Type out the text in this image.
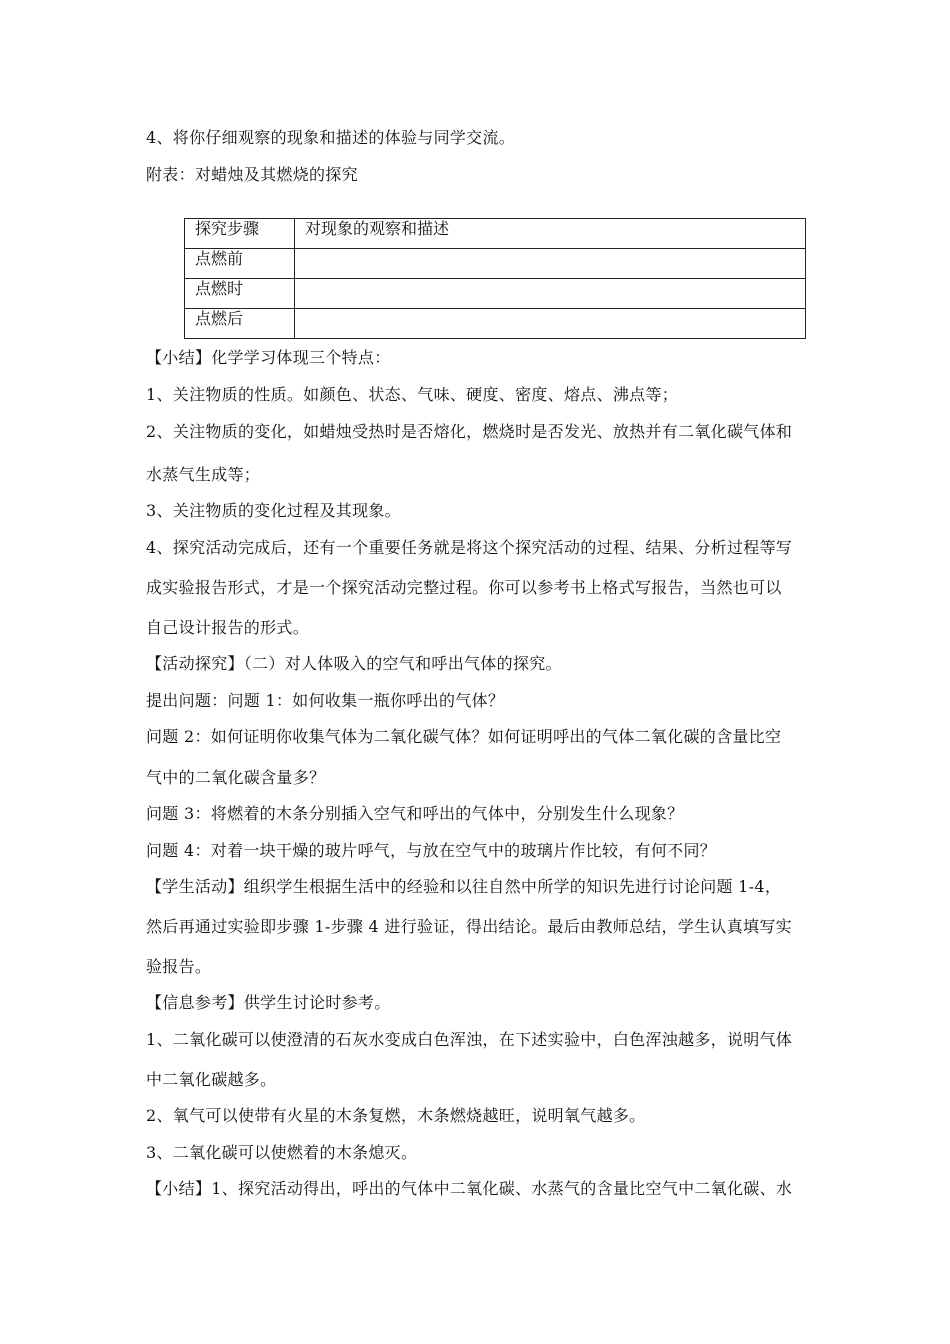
4、将你仔细观察的现象和描述的体验与同学交流。
附表：对蜡烛及其燃烧的探究
探究步骤	对现象的观察和描述
点燃前	
点燃时	
点燃后	
【小结】化学学习体现三个特点：
1、关注物质的性质。如颜色、状态、气味、硬度、密度、熔点、沸点等；
2、关注物质的变化，如蜡烛受热时是否熔化，燃烧时是否发光、放热并有二氧化碳气体和
水蒸气生成等；
3、关注物质的变化过程及其现象。
4、探究活动完成后，还有一个重要任务就是将这个探究活动的过程、结果、分析过程等写
成实验报告形式，才是一个探究活动完整过程。你可以参考书上格式写报告，当然也可以
自己设计报告的形式。
【活动探究】（二）对人体吸入的空气和呼出气体的探究。
提出问题：问题 1：如何收集一瓶你呼出的气体？
问题 2：如何证明你收集气体为二氧化碳气体？如何证明呼出的气体二氧化碳的含量比空
气中的二氧化碳含量多？
问题 3：将燃着的木条分别插入空气和呼出的气体中，分别发生什么现象？
问题 4：对着一块干燥的玻片呼气，与放在空气中的玻璃片作比较，有何不同？
【学生活动】组织学生根据生活中的经验和以往自然中所学的知识先进行讨论问题 1-4，
然后再通过实验即步骤 1-步骤 4 进行验证，得出结论。最后由教师总结，学生认真填写实
验报告。
【信息参考】供学生讨论时参考。
1、二氧化碳可以使澄清的石灰水变成白色浑浊，在下述实验中，白色浑浊越多，说明气体
中二氧化碳越多。
2、氧气可以使带有火星的木条复燃，木条燃烧越旺，说明氧气越多。
3、二氧化碳可以使燃着的木条熄灭。
【小结】1、探究活动得出，呼出的气体中二氧化碳、水蒸气的含量比空气中二氧化碳、水
